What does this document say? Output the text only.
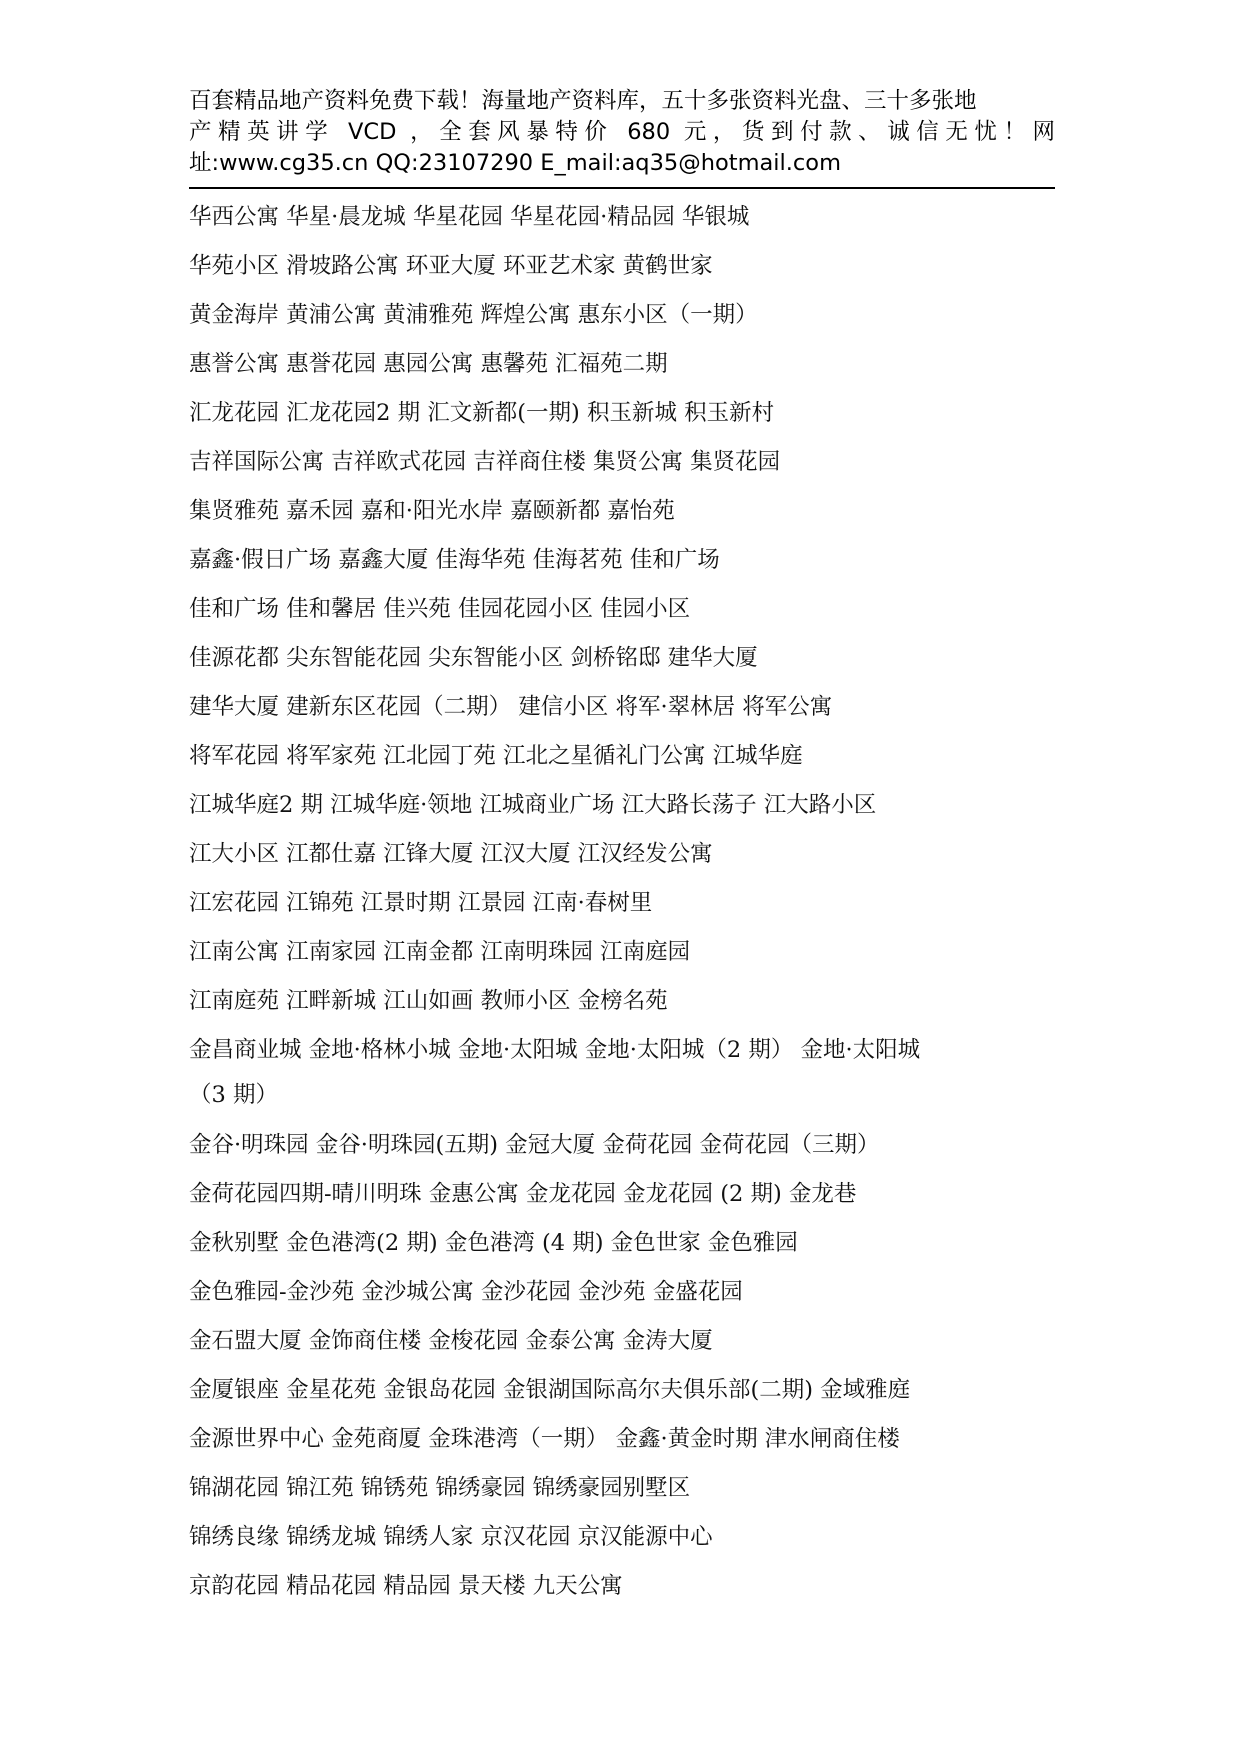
百套精品地产资料免费下载！海量地产资料库，五十多张资料光盘、三十多张地
产精英讲学 VCD ，全套风暴特价 680 元，货到付款、诚信无忧！网
址:www.cg35.cn QQ:23107290 E_mail:aq35@hotmail.com
华西公寓 华星·晨龙城 华星花园 华星花园·精品园 华银城
华苑小区 滑坡路公寓 环亚大厦 环亚艺术家 黄鹤世家
黄金海岸 黄浦公寓 黄浦雅苑 辉煌公寓 惠东小区（一期）
惠誉公寓 惠誉花园 惠园公寓 惠馨苑 汇福苑二期
汇龙花园 汇龙花园2 期 汇文新都(一期) 积玉新城 积玉新村
吉祥国际公寓 吉祥欧式花园 吉祥商住楼 集贤公寓 集贤花园
集贤雅苑 嘉禾园 嘉和·阳光水岸 嘉颐新都 嘉怡苑
嘉鑫·假日广场 嘉鑫大厦 佳海华苑 佳海茗苑 佳和广场
佳和广场 佳和馨居 佳兴苑 佳园花园小区 佳园小区
佳源花都 尖东智能花园 尖东智能小区 剑桥铭邸 建华大厦
建华大厦 建新东区花园（二期） 建信小区 将军·翠林居 将军公寓
将军花园 将军家苑 江北园丁苑 江北之星循礼门公寓 江城华庭
江城华庭2 期 江城华庭·领地 江城商业广场 江大路长荡子 江大路小区
江大小区 江都仕嘉 江锋大厦 江汉大厦 江汉经发公寓
江宏花园 江锦苑 江景时期 江景园 江南·春树里
江南公寓 江南家园 江南金都 江南明珠园 江南庭园
江南庭苑 江畔新城 江山如画 教师小区 金榜名苑
金昌商业城 金地·格林小城 金地·太阳城 金地·太阳城（2 期） 金地·太阳城
（3 期）
金谷·明珠园 金谷·明珠园(五期) 金冠大厦 金荷花园 金荷花园（三期）
金荷花园四期-晴川明珠 金惠公寓 金龙花园 金龙花园 (2 期) 金龙巷
金秋别墅 金色港湾(2 期) 金色港湾 (4 期) 金色世家 金色雅园
金色雅园-金沙苑 金沙城公寓 金沙花园 金沙苑 金盛花园
金石盟大厦 金饰商住楼 金梭花园 金泰公寓 金涛大厦
金厦银座 金星花苑 金银岛花园 金银湖国际高尔夫俱乐部(二期) 金域雅庭
金源世界中心 金苑商厦 金珠港湾（一期） 金鑫·黄金时期 津水闸商住楼
锦湖花园 锦江苑 锦锈苑 锦绣豪园 锦绣豪园别墅区
锦绣良缘 锦绣龙城 锦绣人家 京汉花园 京汉能源中心
京韵花园 精品花园 精品园 景天楼 九天公寓
